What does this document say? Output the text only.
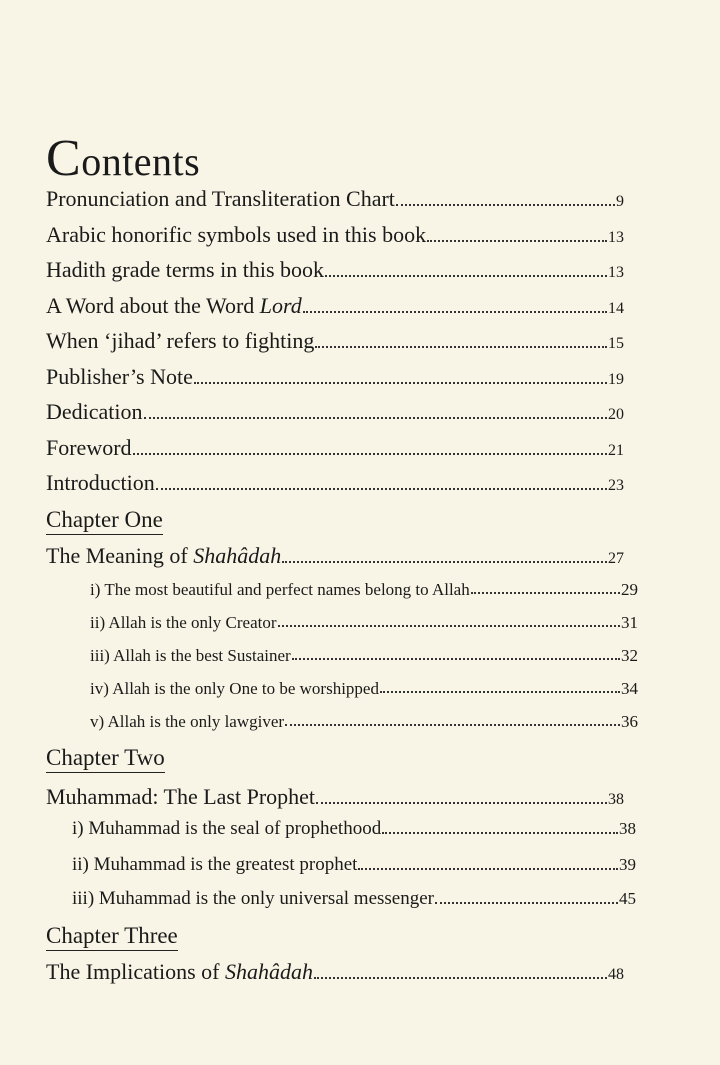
Contents
Pronunciation and Transliteration Chart	9
Arabic honorific symbols used in this book	13
Hadith grade terms in this book	13
A Word about the Word Lord	14
When ‘jihad’ refers to fighting	15
Publisher’s Note	19
Dedication	20
Foreword	21
Introduction	23
Chapter One
The Meaning of Shahâdah	27
i) The most beautiful and perfect names belong to Allah	29
ii) Allah is the only Creator	31
iii) Allah is the best Sustainer	32
iv) Allah is the only One to be worshipped	34
v) Allah is the only lawgiver	36
Chapter Two
Muhammad: The Last Prophet	38
i) Muhammad is the seal of prophethood	38
ii) Muhammad is the greatest prophet	39
iii) Muhammad is the only universal messenger	45
Chapter Three
The Implications of Shahâdah	48
